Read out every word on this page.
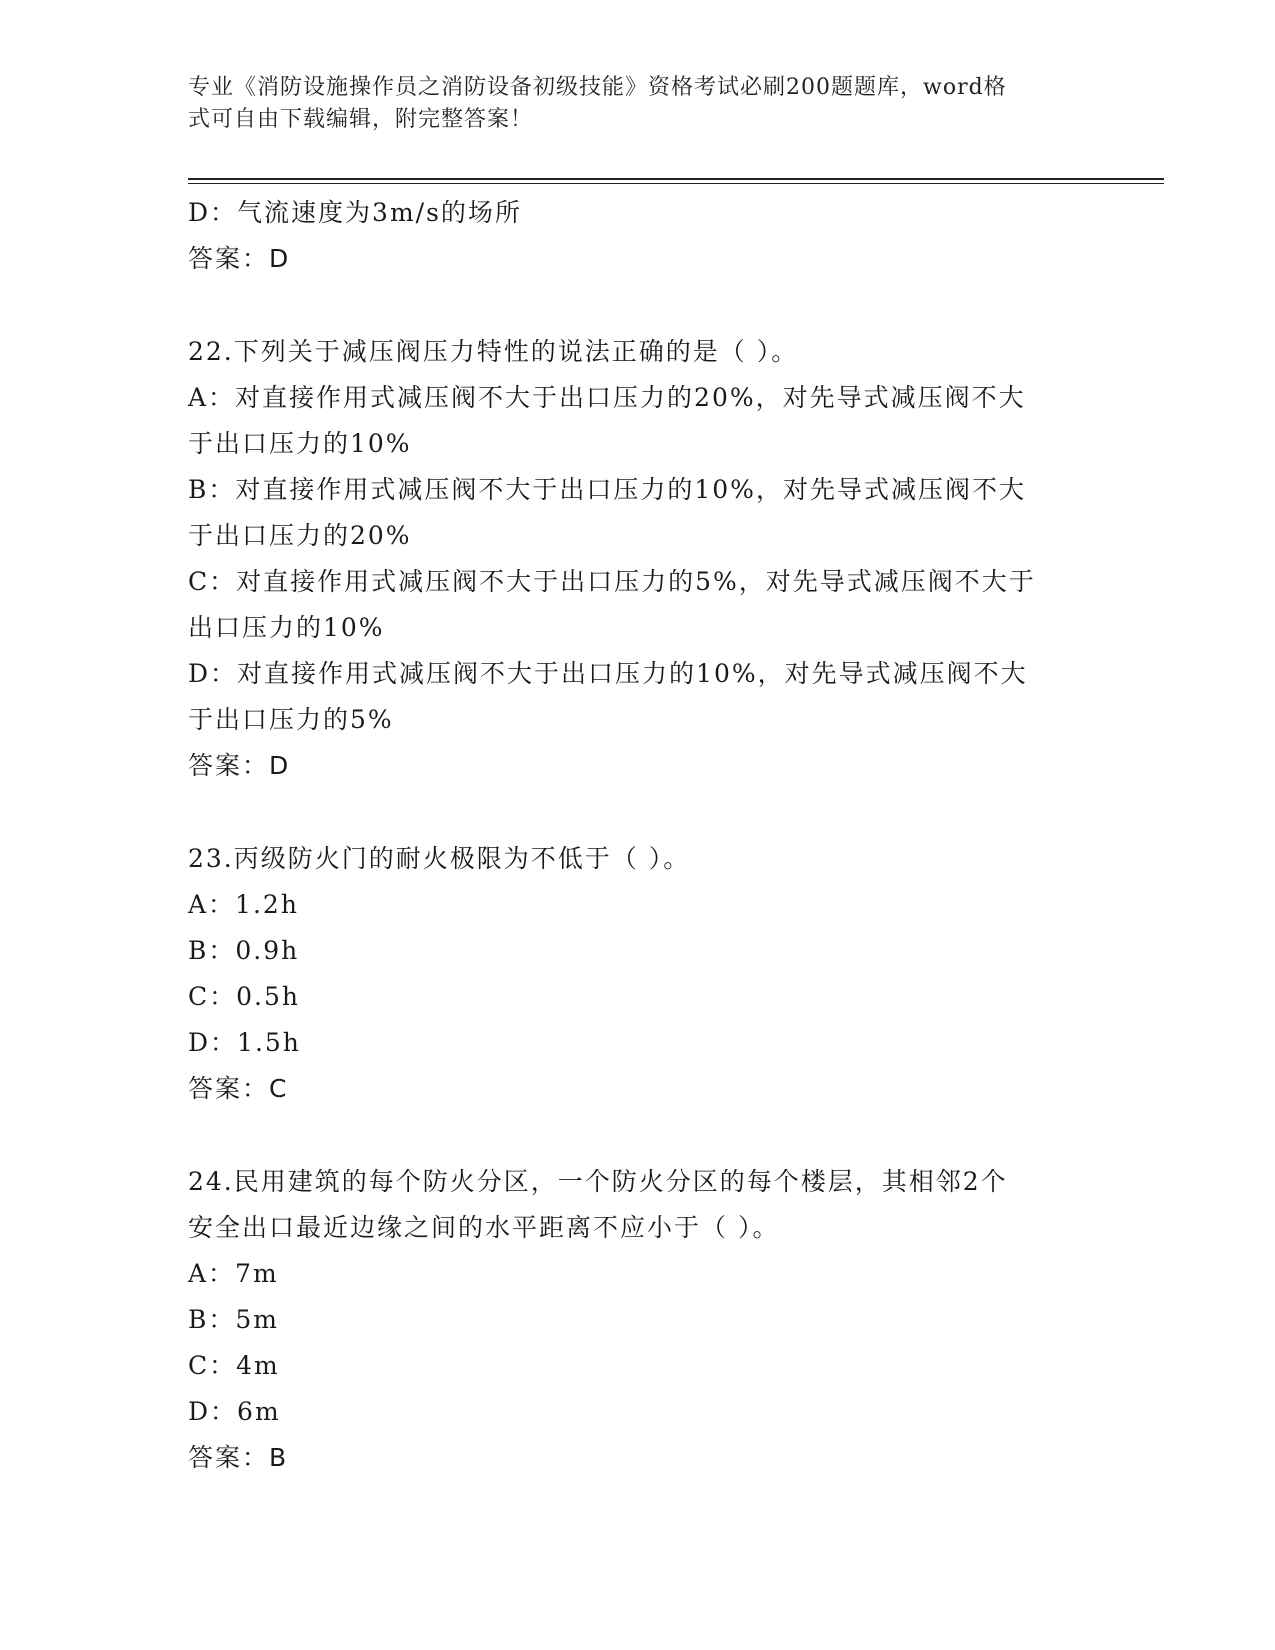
专业《消防设施操作员之消防设备初级技能》资格考试必刷200题题库，word格
式可自由下载编辑，附完整答案！
D：气流速度为3m/s的场所
答案：D
22.下列关于减压阀压力特性的说法正确的是（ ）。
A：对直接作用式减压阀不大于出口压力的20%，对先导式减压阀不大
于出口压力的10%
B：对直接作用式减压阀不大于出口压力的10%，对先导式减压阀不大
于出口压力的20%
C：对直接作用式减压阀不大于出口压力的5%，对先导式减压阀不大于
出口压力的10%
D：对直接作用式减压阀不大于出口压力的10%，对先导式减压阀不大
于出口压力的5%
答案：D
23.丙级防火门的耐火极限为不低于（ ）。
A：1.2h
B：0.9h
C：0.5h
D：1.5h
答案：C
24.民用建筑的每个防火分区，一个防火分区的每个楼层，其相邻2个
安全出口最近边缘之间的水平距离不应小于（ ）。
A：7m
B：5m
C：4m
D：6m
答案：B
